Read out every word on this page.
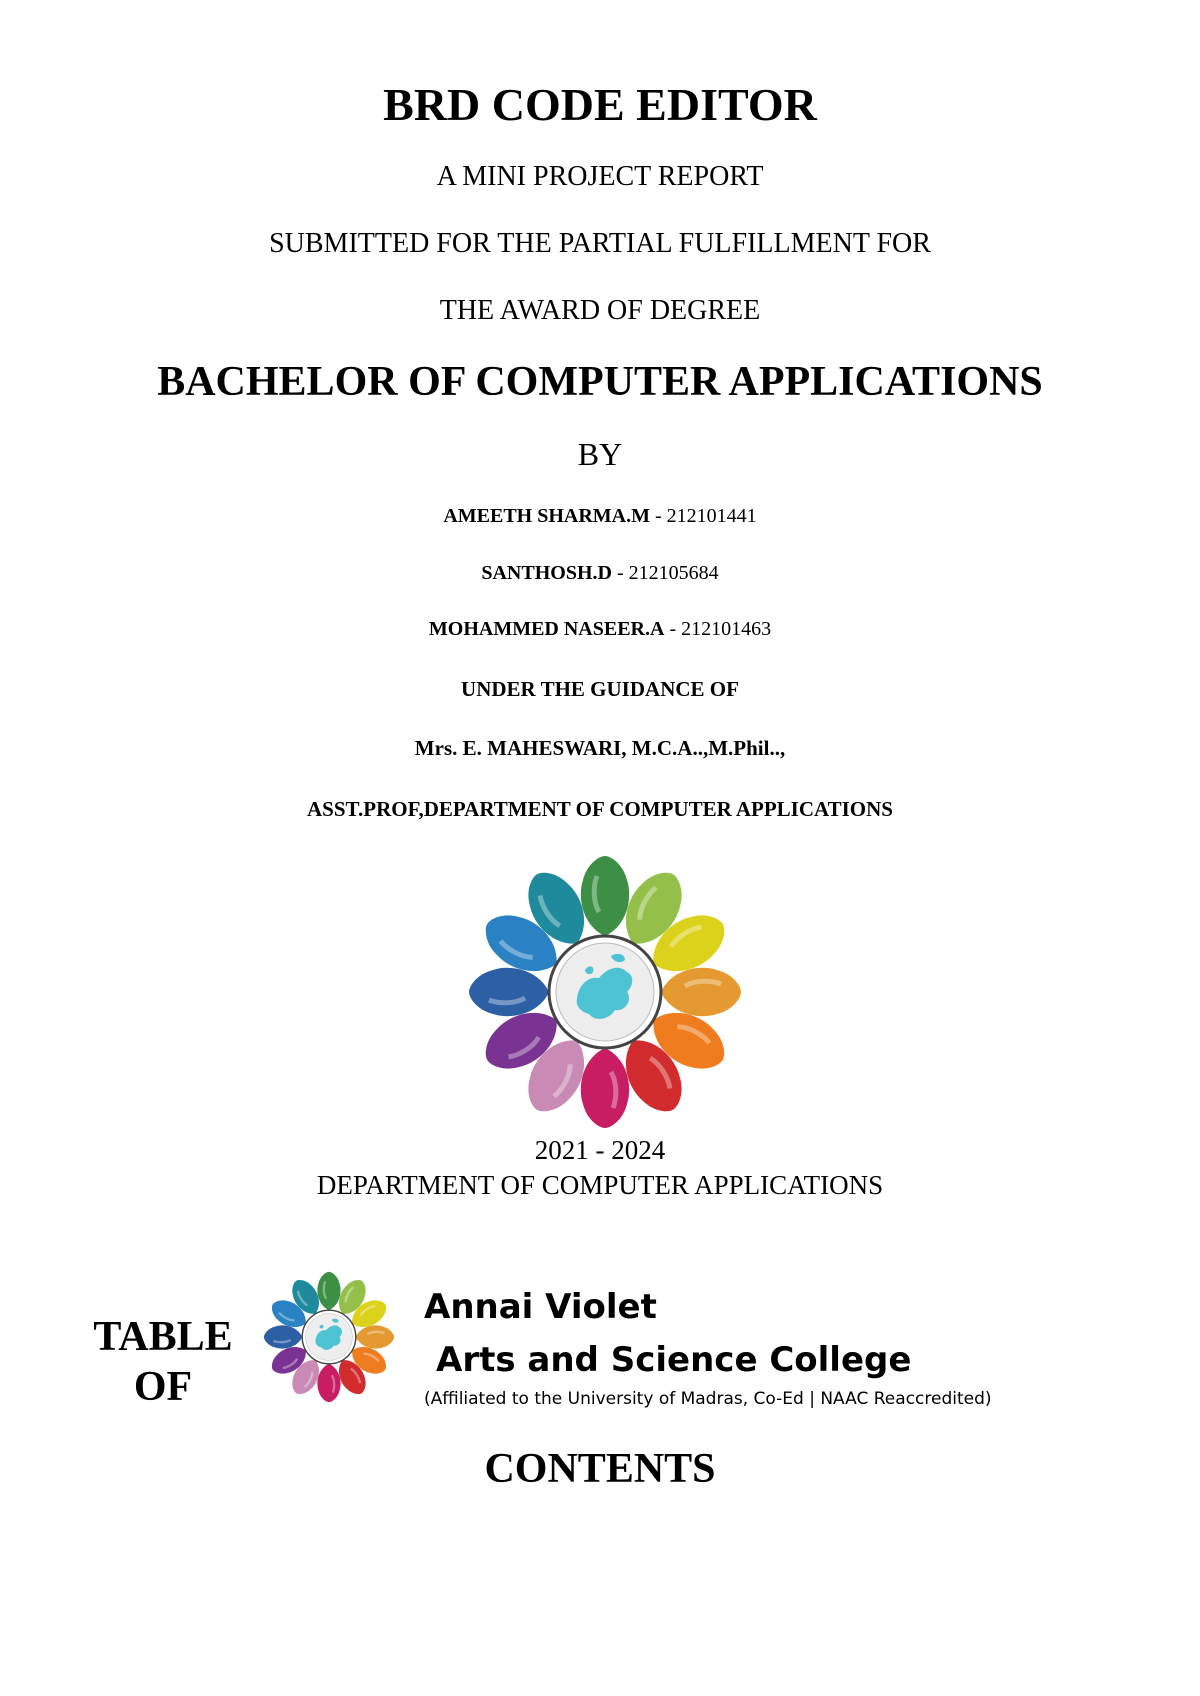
BRD CODE EDITOR
A MINI PROJECT REPORT
SUBMITTED FOR THE PARTIAL FULFILLMENT FOR
THE AWARD OF DEGREE
BACHELOR OF COMPUTER APPLICATIONS
BY
AMEETH SHARMA.M - 212101441
SANTHOSH.D - 212105684
MOHAMMED NASEER.A - 212101463
UNDER THE GUIDANCE OF
Mrs. E. MAHESWARI, M.C.A..,M.Phil..,
ASST.PROF,DEPARTMENT OF COMPUTER APPLICATIONS
2021 - 2024
DEPARTMENT OF COMPUTER APPLICATIONS
TABLE
OF
Annai Violet
Arts and Science College
(Affiliated to the University of Madras, Co-Ed | NAAC Reaccredited)
CONTENTS
